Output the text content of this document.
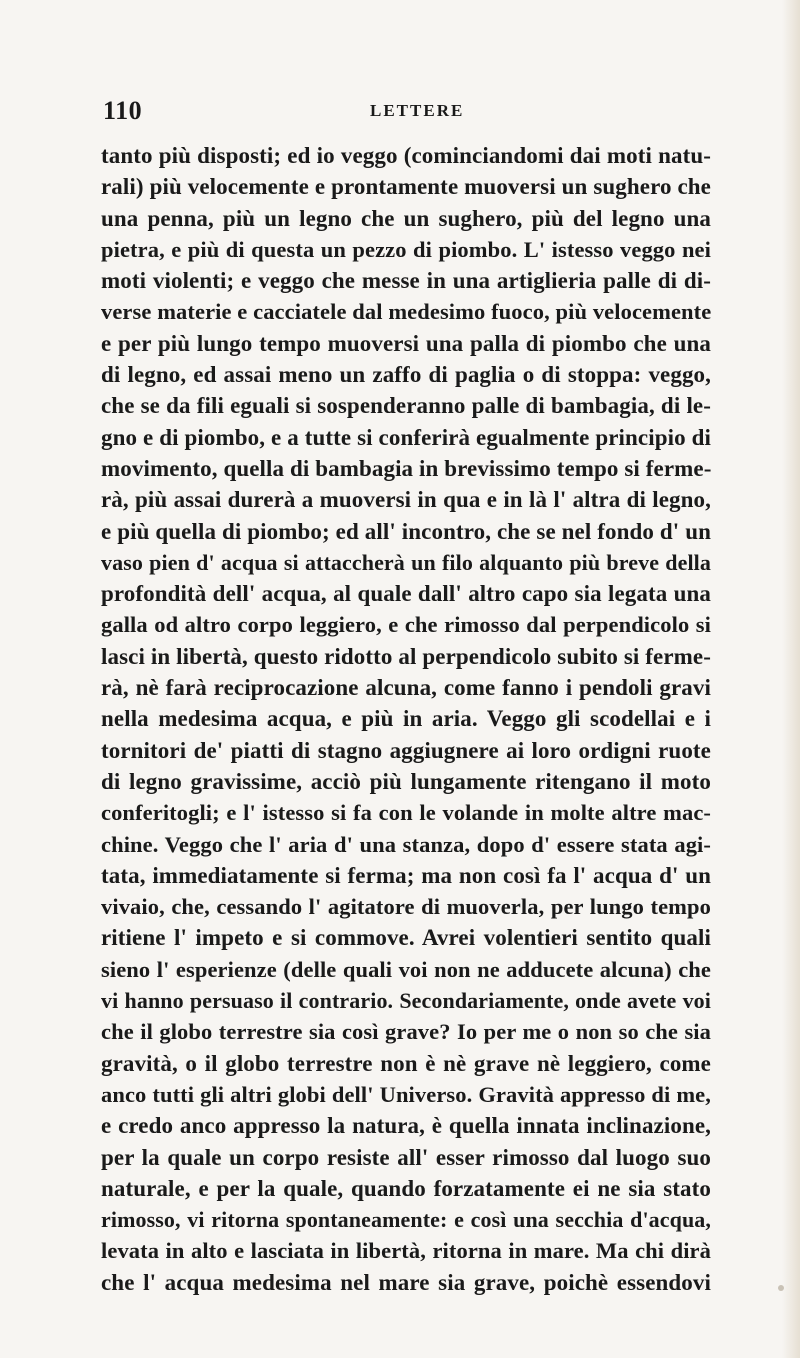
110	LETTERE
tanto più disposti; ed io veggo (cominciandomi dai moti natu-
rali) più velocemente e prontamente muoversi un sughero che
una penna, più un legno che un sughero, più del legno una
pietra, e più di questa un pezzo di piombo. L' istesso veggo nei
moti violenti; e veggo che messe in una artiglieria palle di di-
verse materie e cacciatele dal medesimo fuoco, più velocemente
e per più lungo tempo muoversi una palla di piombo che una
di legno, ed assai meno un zaffo di paglia o di stoppa: veggo,
che se da fili eguali si sospenderanno palle di bambagia, di le-
gno e di piombo, e a tutte si conferirà egualmente principio di
movimento, quella di bambagia in brevissimo tempo si ferme-
rà, più assai durerà a muoversi in qua e in là l' altra di legno,
e più quella di piombo; ed all' incontro, che se nel fondo d' un
vaso pien d' acqua si attaccherà un filo alquanto più breve della
profondità dell' acqua, al quale dall' altro capo sia legata una
galla od altro corpo leggiero, e che rimosso dal perpendicolo si
lasci in libertà, questo ridotto al perpendicolo subito si ferme-
rà, nè farà reciprocazione alcuna, come fanno i pendoli gravi
nella medesima acqua, e più in aria. Veggo gli scodellai e i
tornitori de' piatti di stagno aggiugnere ai loro ordigni ruote
di legno gravissime, acciò più lungamente ritengano il moto
conferitogli; e l' istesso si fa con le volande in molte altre mac-
chine. Veggo che l' aria d' una stanza, dopo d' essere stata agi-
tata, immediatamente si ferma; ma non così fa l' acqua d' un
vivaio, che, cessando l' agitatore di muoverla, per lungo tempo
ritiene l' impeto e si commove. Avrei volentieri sentito quali
sieno l' esperienze (delle quali voi non ne adducete alcuna) che
vi hanno persuaso il contrario. Secondariamente, onde avete voi
che il globo terrestre sia così grave? Io per me o non so che sia
gravità, o il globo terrestre non è nè grave nè leggiero, come
anco tutti gli altri globi dell' Universo. Gravità appresso di me,
e credo anco appresso la natura, è quella innata inclinazione,
per la quale un corpo resiste all' esser rimosso dal luogo suo
naturale, e per la quale, quando forzatamente ei ne sia stato
rimosso, vi ritorna spontaneamente: e così una secchia d'acqua,
levata in alto e lasciata in libertà, ritorna in mare. Ma chi dirà
che l' acqua medesima nel mare sia grave, poichè essendovi
